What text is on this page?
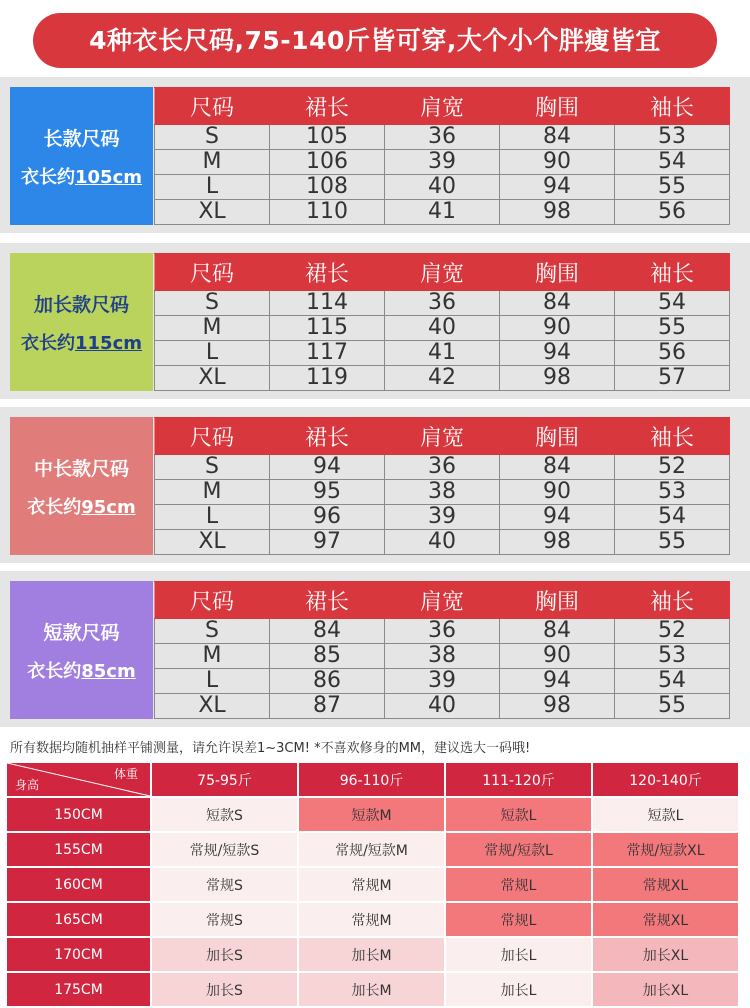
4种衣长尺码,75-140斤皆可穿,大个小个胖瘦皆宜
长款尺码
衣长约105cm
尺码	裙长	肩宽	胸围	袖长
S	105	36	84	53
M	106	39	90	54
L	108	40	94	55
XL	110	41	98	56
加长款尺码
衣长约115cm
尺码	裙长	肩宽	胸围	袖长
S	114	36	84	54
M	115	40	90	55
L	117	41	94	56
XL	119	42	98	57
中长款尺码
衣长约95cm
尺码	裙长	肩宽	胸围	袖长
S	94	36	84	52
M	95	38	90	53
L	96	39	94	54
XL	97	40	98	55
短款尺码
衣长约85cm
尺码	裙长	肩宽	胸围	袖长
S	84	36	84	52
M	85	38	90	53
L	86	39	94	54
XL	87	40	98	55
所有数据均随机抽样平铺测量，请允许误差1~3CM! *不喜欢修身的MM，建议选大一码哦!
体重
身高	75-95斤	96-110斤	111-120斤	120-140斤
150CM	短款S	短款M	短款L	短款L
155CM	常规/短款S	常规/短款M	常规/短款L	常规/短款XL
160CM	常规S	常规M	常规L	常规XL
165CM	常规S	常规M	常规L	常规XL
170CM	加长S	加长M	加长L	加长XL
175CM	加长S	加长M	加长L	加长XL
